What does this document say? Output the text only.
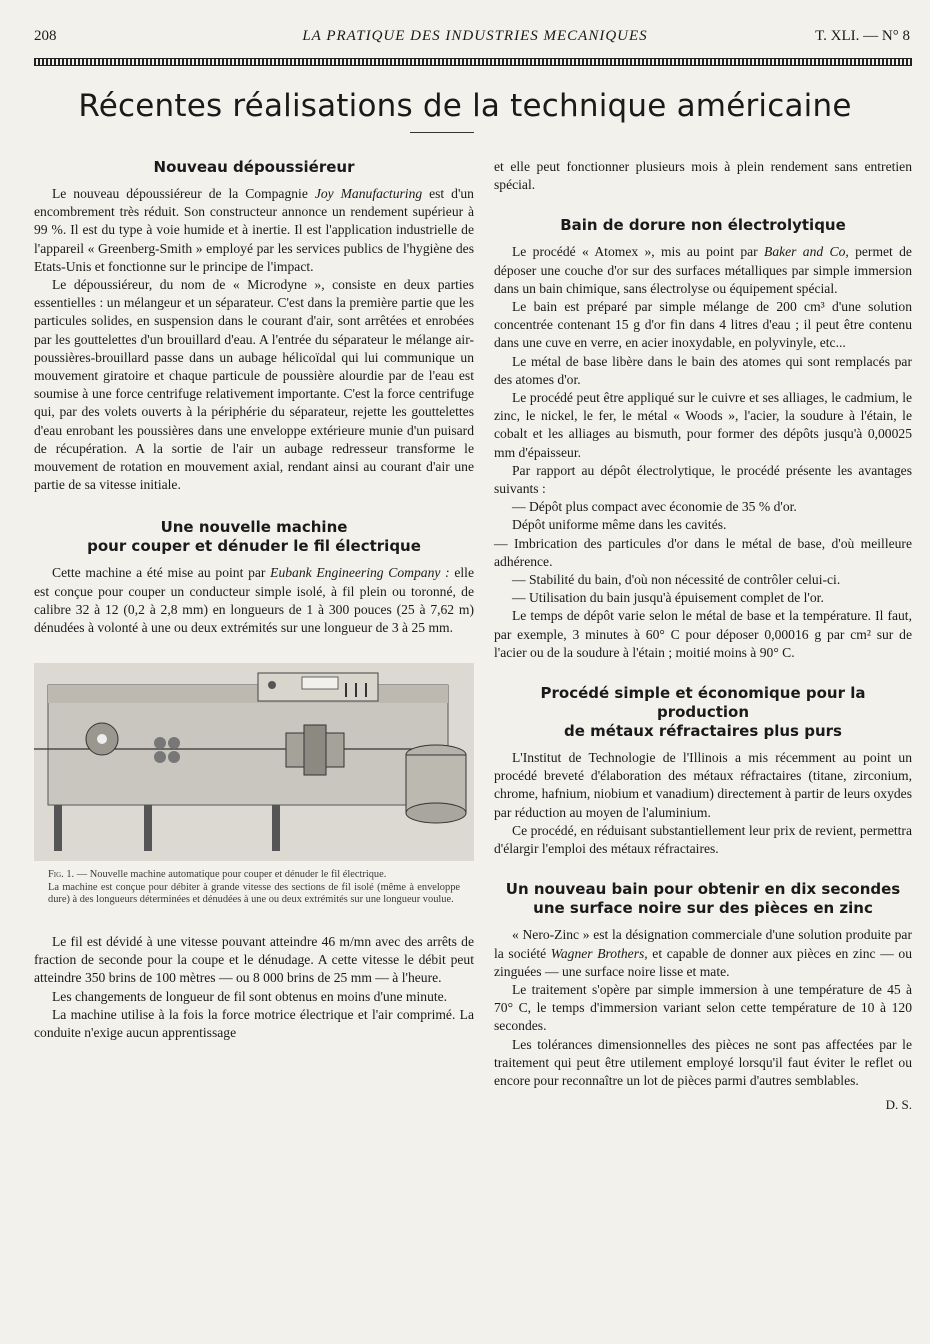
208	LA PRATIQUE DES INDUSTRIES MECANIQUES	T. XLI. — N° 8
Récentes réalisations de la technique américaine
Nouveau dépoussiéreur

Le nouveau dépoussiéreur de la Compagnie Joy Manufacturing est d'un encombrement très réduit. Son constructeur annonce un rendement supérieur à 99 %. Il est du type à voie humide et à inertie. Il est l'application industrielle de l'appareil « Greenberg-Smith » employé par les services publics de l'hygiène des Etats-Unis et fonctionne sur le principe de l'impact.

Le dépoussiéreur, du nom de « Microdyne », consiste en deux parties essentielles : un mélangeur et un séparateur. C'est dans la première partie que les particules solides, en suspension dans le courant d'air, sont arrêtées et enrobées par les gouttelettes d'un brouillard d'eau. A l'entrée du séparateur le mélange air-poussières-brouillard passe dans un aubage hélicoïdal qui lui communique un mouvement giratoire et chaque particule de poussière alourdie par de l'eau est soumise à une force centrifuge relativement importante. C'est la force centrifuge qui, par des volets ouverts à la périphérie du séparateur, rejette les gouttelettes d'eau enrobant les poussières dans une enveloppe extérieure munie d'un puisard de récupération. A la sortie de l'air un aubage redresseur transforme le mouvement de rotation en mouvement axial, rendant ainsi au courant d'air une partie de sa vitesse initiale.

Une nouvelle machine
pour couper et dénuder le fil électrique

Cette machine a été mise au point par Eubank Engineering Company : elle est conçue pour couper un conducteur simple isolé, à fil plein ou toronné, de calibre 32 à 12 (0,2 à 2,8 mm) en longueurs de 1 à 300 pouces (25 à 7,62 m) dénudées à volonté à une ou deux extrémités sur une longueur de 3 à 25 mm.

Fig. 1. — Nouvelle machine automatique pour couper et dénuder le fil électrique.
La machine est conçue pour débiter à grande vitesse des sections de fil isolé (même à enveloppe dure) à des longueurs déterminées et dénudées à une ou deux extrémités sur une longueur voulue.

Le fil est dévidé à une vitesse pouvant atteindre 46 m/mn avec des arrêts de fraction de seconde pour la coupe et le dénudage. A cette vitesse le débit peut atteindre 350 brins de 100 mètres — ou 8 000 brins de 25 mm — à l'heure.

Les changements de longueur de fil sont obtenus en moins d'une minute.

La machine utilise à la fois la force motrice électrique et l'air comprimé. La conduite n'exige aucun apprentissage

et elle peut fonctionner plusieurs mois à plein rendement sans entretien spécial.

Bain de dorure non électrolytique

Le procédé « Atomex », mis au point par Baker and Co, permet de déposer une couche d'or sur des surfaces métalliques par simple immersion dans un bain chimique, sans électrolyse ou équipement spécial.

Le bain est préparé par simple mélange de 200 cm³ d'une solution concentrée contenant 15 g d'or fin dans 4 litres d'eau ; il peut être contenu dans une cuve en verre, en acier inoxydable, en polyvinyle, etc...

Le métal de base libère dans le bain des atomes qui sont remplacés par des atomes d'or.

Le procédé peut être appliqué sur le cuivre et ses alliages, le cadmium, le zinc, le nickel, le fer, le métal « Woods », l'acier, la soudure à l'étain, le cobalt et les alliages au bismuth, pour former des dépôts jusqu'à 0,00025 mm d'épaisseur.

Par rapport au dépôt électrolytique, le procédé présente les avantages suivants :

— Dépôt plus compact avec économie de 35 % d'or.

Dépôt uniforme même dans les cavités.

— Imbrication des particules d'or dans le métal de base, d'où meilleure adhérence.

— Stabilité du bain, d'où non nécessité de contrôler celui-ci.

— Utilisation du bain jusqu'à épuisement complet de l'or.

Le temps de dépôt varie selon le métal de base et la température. Il faut, par exemple, 3 minutes à 60° C pour déposer 0,00016 g par cm² sur de l'acier ou de la soudure à l'étain ; moitié moins à 90° C.

Procédé simple et économique pour la production
de métaux réfractaires plus purs

L'Institut de Technologie de l'Illinois a mis récemment au point un procédé breveté d'élaboration des métaux réfractaires (titane, zirconium, chrome, hafnium, niobium et vanadium) directement à partir de leurs oxydes par réduction au moyen de l'aluminium.

Ce procédé, en réduisant substantiellement leur prix de revient, permettra d'élargir l'emploi des métaux réfractaires.

Un nouveau bain pour obtenir en dix secondes
une surface noire sur des pièces en zinc

« Nero-Zinc » est la désignation commerciale d'une solution produite par la société Wagner Brothers, et capable de donner aux pièces en zinc — ou zinguées — une surface noire lisse et mate.

Le traitement s'opère par simple immersion à une température de 45 à 70° C, le temps d'immersion variant selon cette température de 10 à 120 secondes.

Les tolérances dimensionnelles des pièces ne sont pas affectées par le traitement qui peut être utilement employé lorsqu'il faut éviter le reflet ou encore pour reconnaître un lot de pièces parmi d'autres semblables.

D. S.
